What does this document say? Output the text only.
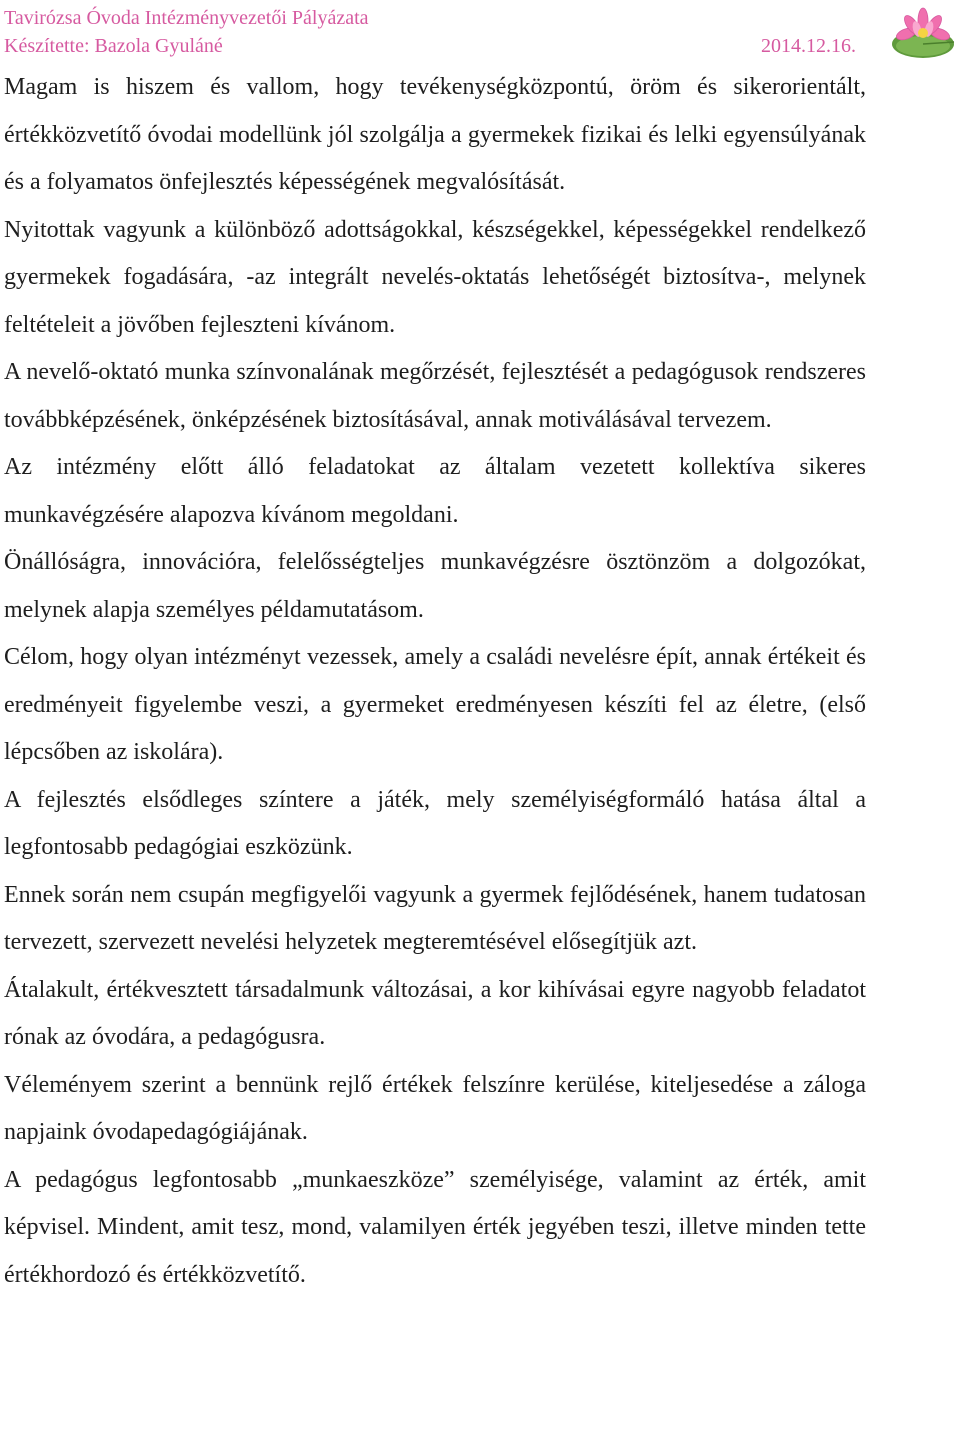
Tavirózsa Óvoda Intézményvezetői Pályázata
Készítette: Bazola Gyuláné	2014.12.16.

Magam is hiszem és vallom, hogy tevékenységközpontú, öröm és sikerorientált, értékközvetítő óvodai modellünk jól szolgálja a gyermekek fizikai és lelki egyensúlyának és a folyamatos önfejlesztés képességének megvalósítását.

Nyitottak vagyunk a különböző adottságokkal, készségekkel, képességekkel rendelkező gyermekek fogadására, -az integrált nevelés-oktatás lehetőségét biztosítva-, melynek feltételeit a jövőben fejleszteni kívánom.

A nevelő-oktató munka színvonalának megőrzését, fejlesztését a pedagógusok rendszeres továbbképzésének, önképzésének biztosításával, annak motiválásával tervezem.

Az intézmény előtt álló feladatokat az általam vezetett kollektíva sikeres munkavégzésére alapozva kívánom megoldani.

Önállóságra, innovációra, felelősségteljes munkavégzésre ösztönzöm a dolgozókat, melynek alapja személyes példamutatásom.

Célom, hogy olyan intézményt vezessek, amely a családi nevelésre épít, annak értékeit és eredményeit figyelembe veszi, a gyermeket eredményesen készíti fel az életre, (első lépcsőben az iskolára).

A fejlesztés elsődleges színtere a játék, mely személyiségformáló hatása által a legfontosabb pedagógiai eszközünk.

Ennek során nem csupán megfigyelői vagyunk a gyermek fejlődésének, hanem tudatosan tervezett, szervezett nevelési helyzetek megteremtésével elősegítjük azt.

Átalakult, értékvesztett társadalmunk változásai, a kor kihívásai egyre nagyobb feladatot rónak az óvodára, a pedagógusra.

Véleményem szerint a bennünk rejlő értékek felszínre kerülése, kiteljesedése a záloga napjaink óvodapedagógiájának.

A pedagógus legfontosabb „munkaeszköze” személyisége, valamint az érték, amit képvisel. Mindent, amit tesz, mond, valamilyen érték jegyében teszi, illetve minden tette értékhordozó és értékközvetítő.
